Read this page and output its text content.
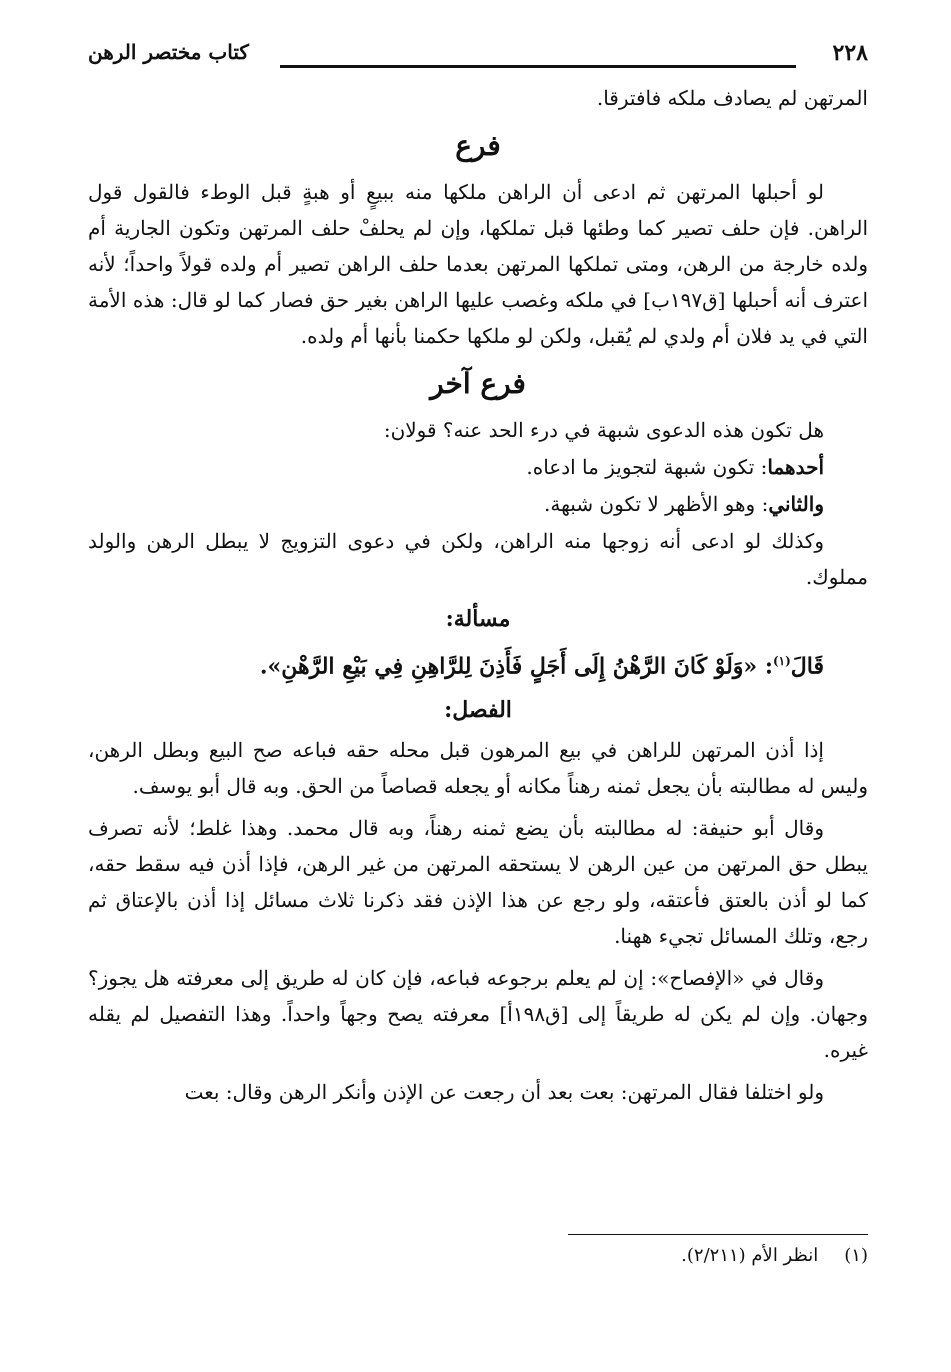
٢٢٨
كتاب مختصر الرهن

المرتهن لم يصادف ملكه فافترقا.

فرع

لو أحبلها المرتهن ثم ادعى أن الراهن ملكها منه ببيعٍ أو هبةٍ قبل الوطء فالقول قول الراهن. فإن حلف تصير كما وطئها قبل تملكها، وإن لم يحلفْ حلف المرتهن وتكون الجارية أم ولده خارجة من الرهن، ومتى تملكها المرتهن بعدما حلف الراهن تصير أم ولده قولاً واحداً؛ لأنه اعترف أنه أحبلها [ق١٩٧ب] في ملكه وغصب عليها الراهن بغير حق فصار كما لو قال: هذه الأمة التي في يد فلان أم ولدي لم يُقبل، ولكن لو ملكها حكمنا بأنها أم ولده.

فرع آخر
هل تكون هذه الدعوى شبهة في درء الحد عنه؟ قولان:
أحدهما: تكون شبهة لتجويز ما ادعاه.
والثاني: وهو الأظهر لا تكون شبهة.

وكذلك لو ادعى أنه زوجها منه الراهن، ولكن في دعوى التزويج لا يبطل الرهن والولد مملوك.

مسألة:
قَالَ$^{(١)}$: «وَلَوْ كَانَ الرَّهْنُ إِلَى أَجَلٍ فَأَذِنَ لِلرَّاهِنِ فِي بَيْعِ الرَّهْنِ».
الفصل:

إذا أذن المرتهن للراهن في بيع المرهون قبل محله حقه فباعه صح البيع وبطل الرهن، وليس له مطالبته بأن يجعل ثمنه رهناً مكانه أو يجعله قصاصاً من الحق. وبه قال أبو يوسف.

وقال أبو حنيفة: له مطالبته بأن يضع ثمنه رهناً، وبه قال محمد. وهذا غلط؛ لأنه تصرف يبطل حق المرتهن من عين الرهن لا يستحقه المرتهن من غير الرهن، فإذا أذن فيه سقط حقه، كما لو أذن بالعتق فأعتقه، ولو رجع عن هذا الإذن فقد ذكرنا ثلاث مسائل إذا أذن بالإعتاق ثم رجع، وتلك المسائل تجيء ههنا.

وقال في «الإفصاح»: إن لم يعلم برجوعه فباعه، فإن كان له طريق إلى معرفته هل يجوز؟ وجهان. وإن لم يكن له طريقاً إلى [ق١٩٨أ] معرفته يصح وجهاً واحداً. وهذا التفصيل لم يقله غيره.

ولو اختلفا فقال المرتهن: بعت بعد أن رجعت عن الإذن وأنكر الرهن وقال: بعت

(١)انظر الأم (٢/٢١١).
